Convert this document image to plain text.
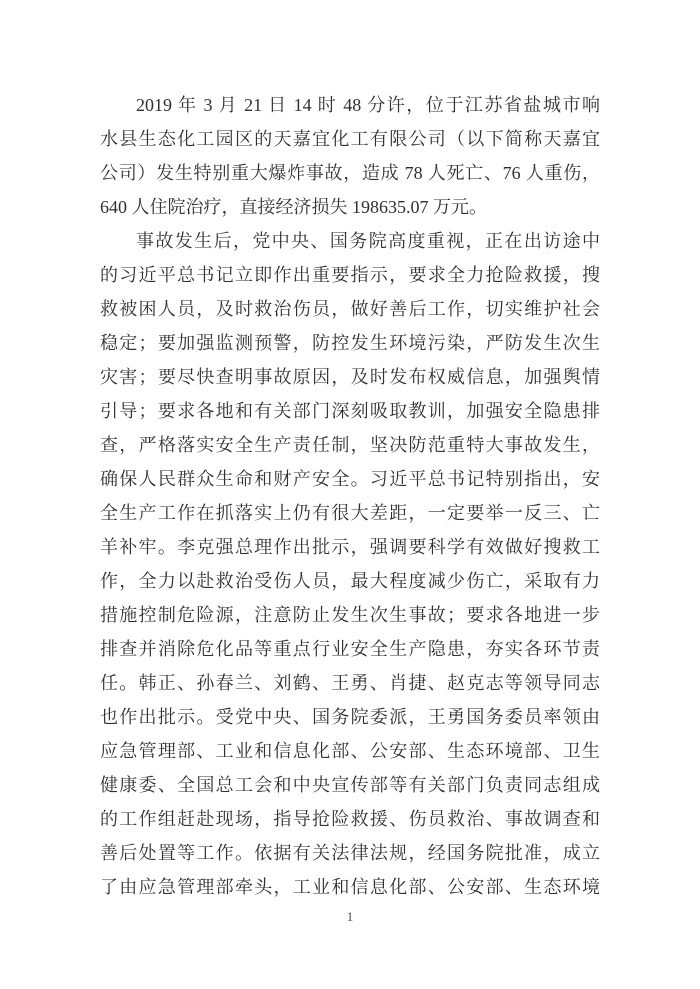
2019 年 3 月 21 日 14 时 48 分许，位于江苏省盐城市响
水县生态化工园区的天嘉宜化工有限公司（以下简称天嘉宜
公司）发生特别重大爆炸事故，造成 78 人死亡、76 人重伤，
640 人住院治疗，直接经济损失 198635.07 万元。
事故发生后，党中央、国务院高度重视，正在出访途中
的习近平总书记立即作出重要指示，要求全力抢险救援，搜
救被困人员，及时救治伤员，做好善后工作，切实维护社会
稳定；要加强监测预警，防控发生环境污染，严防发生次生
灾害；要尽快查明事故原因，及时发布权威信息，加强舆情
引导；要求各地和有关部门深刻吸取教训，加强安全隐患排
查，严格落实安全生产责任制，坚决防范重特大事故发生，
确保人民群众生命和财产安全。习近平总书记特别指出，安
全生产工作在抓落实上仍有很大差距，一定要举一反三、亡
羊补牢。李克强总理作出批示，强调要科学有效做好搜救工
作，全力以赴救治受伤人员，最大程度减少伤亡，采取有力
措施控制危险源，注意防止发生次生事故；要求各地进一步
排查并消除危化品等重点行业安全生产隐患，夯实各环节责
任。韩正、孙春兰、刘鹤、王勇、肖捷、赵克志等领导同志
也作出批示。受党中央、国务院委派，王勇国务委员率领由
应急管理部、工业和信息化部、公安部、生态环境部、卫生
健康委、全国总工会和中央宣传部等有关部门负责同志组成
的工作组赶赴现场，指导抢险救援、伤员救治、事故调查和
善后处置等工作。依据有关法律法规，经国务院批准，成立
了由应急管理部牵头，工业和信息化部、公安部、生态环境
1
